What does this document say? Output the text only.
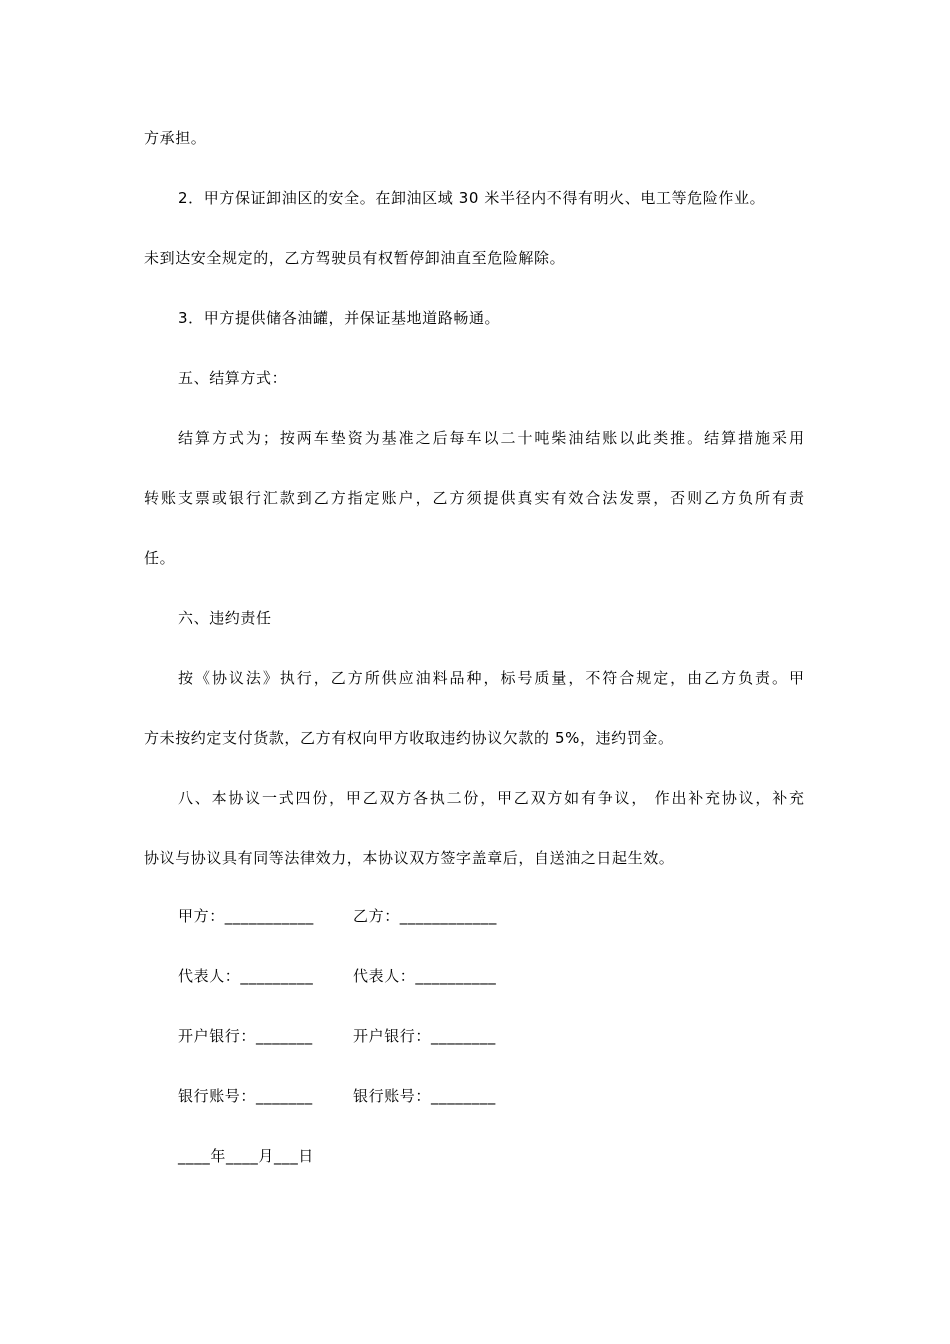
方承担。
2．甲方保证卸油区的安全。在卸油区域 30 米半径内不得有明火、电工等危险作业。
未到达安全规定的，乙方驾驶员有权暂停卸油直至危险解除。
3．甲方提供储各油罐，并保证基地道路畅通。
五、结算方式：
结算方式为；按两车垫资为基准之后每车以二十吨柴油结账以此类推。结算措施采用
转账支票或银行汇款到乙方指定账户，乙方须提供真实有效合法发票，否则乙方负所有责
任。
六、违约责任
按《协议法》执行，乙方所供应油料品种，标号质量，不符合规定，由乙方负责。甲
方未按约定支付货款，乙方有权向甲方收取违约协议欠款的 5%，违约罚金。
八、本协议一式四份，甲乙双方各执二份，甲乙双方如有争议， 作出补充协议，补充
协议与协议具有同等法律效力，本协议双方签字盖章后，自送油之日起生效。
甲方：___________	乙方：____________
代表人：_________	代表人：__________
开户银行：_______	开户银行：________
银行账号：_______	银行账号：________
____年____月___日
